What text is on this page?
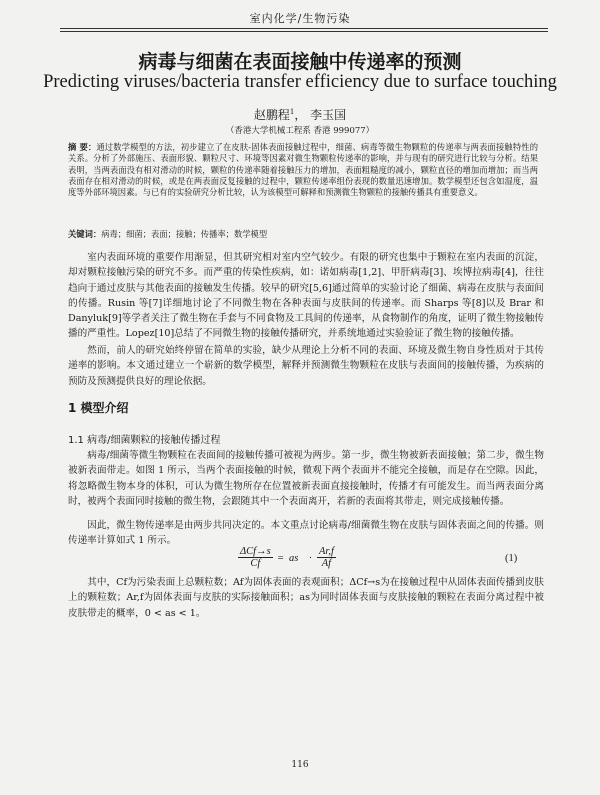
室内化学/生物污染
病毒与细菌在表面接触中传递率的预测
Predicting viruses/bacteria transfer efficiency due to surface touching
赵鹏程$^1$， 李玉国
（香港大学机械工程系 香港 999077）
摘 要：通过数学模型的方法，初步建立了在皮肤-固体表面接触过程中，细菌、病毒等微生物颗粒的传递率与两表面接触特性的关系。分析了外部施压、表面形貌、颗粒尺寸、环境等因素对微生物颗粒传递率的影响，并与现有的研究进行比较与分析。结果表明，当两表面没有相对滑动的时候，颗粒的传递率随着接触压力的增加，表面粗糙度的减小，颗粒直径的增加而增加；而当两表面存在相对滑动的时候，或是在两表面反复接触的过程中，颗粒传递率组份表现的数量迅速增加。数学模型还包含如湿度，温度等外部环境因素。与已有的实验研究分析比较，认为该模型可解释和预测微生物颗粒的接触传播具有重要意义。
关键词：病毒；细菌；表面；接触；传播率；数学模型

室内表面环境的重要作用渐显，但其研究相对室内空气较少。有限的研究也集中于颗粒在室内表面的沉淀，却对颗粒接触污染的研究不多。而严重的传染性疾病，如：诺如病毒[1,2]、甲肝病毒[3]、埃博拉病毒[4]，往往趋向于通过皮肤与其他表面的接触发生传播。较早的研究[5,6]通过简单的实验讨论了细菌、病毒在皮肤与表面间的传播。Rusin 等[7]详细地讨论了不同微生物在各种表面与皮肤间的传递率。而 Sharps 等[8]以及 Brar 和 Danyluk[9]等学者关注了微生物在手套与不同食物及工具间的传递率，从食物制作的角度，证明了微生物接触传播的严重性。Lopez[10]总结了不同微生物的接触传播研究，并系统地通过实验验证了微生物的接触传播。

然而，前人的研究始终停留在简单的实验，缺少从理论上分析不同的表面、环境及微生物自身性质对于其传递率的影响。本文通过建立一个崭新的数学模型，解释并预测微生物颗粒在皮肤与表面间的接触传播，为疾病的预防及预测提供良好的理论依据。

1 模型介绍
1.1 病毒/细菌颗粒的接触传播过程

病毒/细菌等微生物颗粒在表面间的接触传播可被视为两步。第一步，微生物被新表面接触；第二步，微生物被新表面带走。如图 1 所示，当两个表面接触的时候，微观下两个表面并不能完全接触，而是存在空隙。因此，将忽略微生物本身的体积，可认为微生物所存在位置被新表面直接接触时，传播才有可能发生。而当两表面分离时，被两个表面同时接触的微生物，会跟随其中一个表面离开，若新的表面将其带走，则完成接触传播。

因此，微生物传递率是由两步共同决定的。本文重点讨论病毒/细菌微生物在皮肤与固体表面之间的传播。则传递率计算如式 1 所示。

ΔCf→s
Cf	= as · $\frac{Ar,f}{Af}$	(1)

其中，Cf为污染表面上总颗粒数；Af为固体表面的表观面积；ΔCf→s为在接触过程中从固体表面传播到皮肤上的颗粒数；Ar,f为固体表面与皮肤的实际接触面积；as为同时固体表面与皮肤接触的颗粒在表面分离过程中被皮肤带走的概率，0 < as < 1。

116
